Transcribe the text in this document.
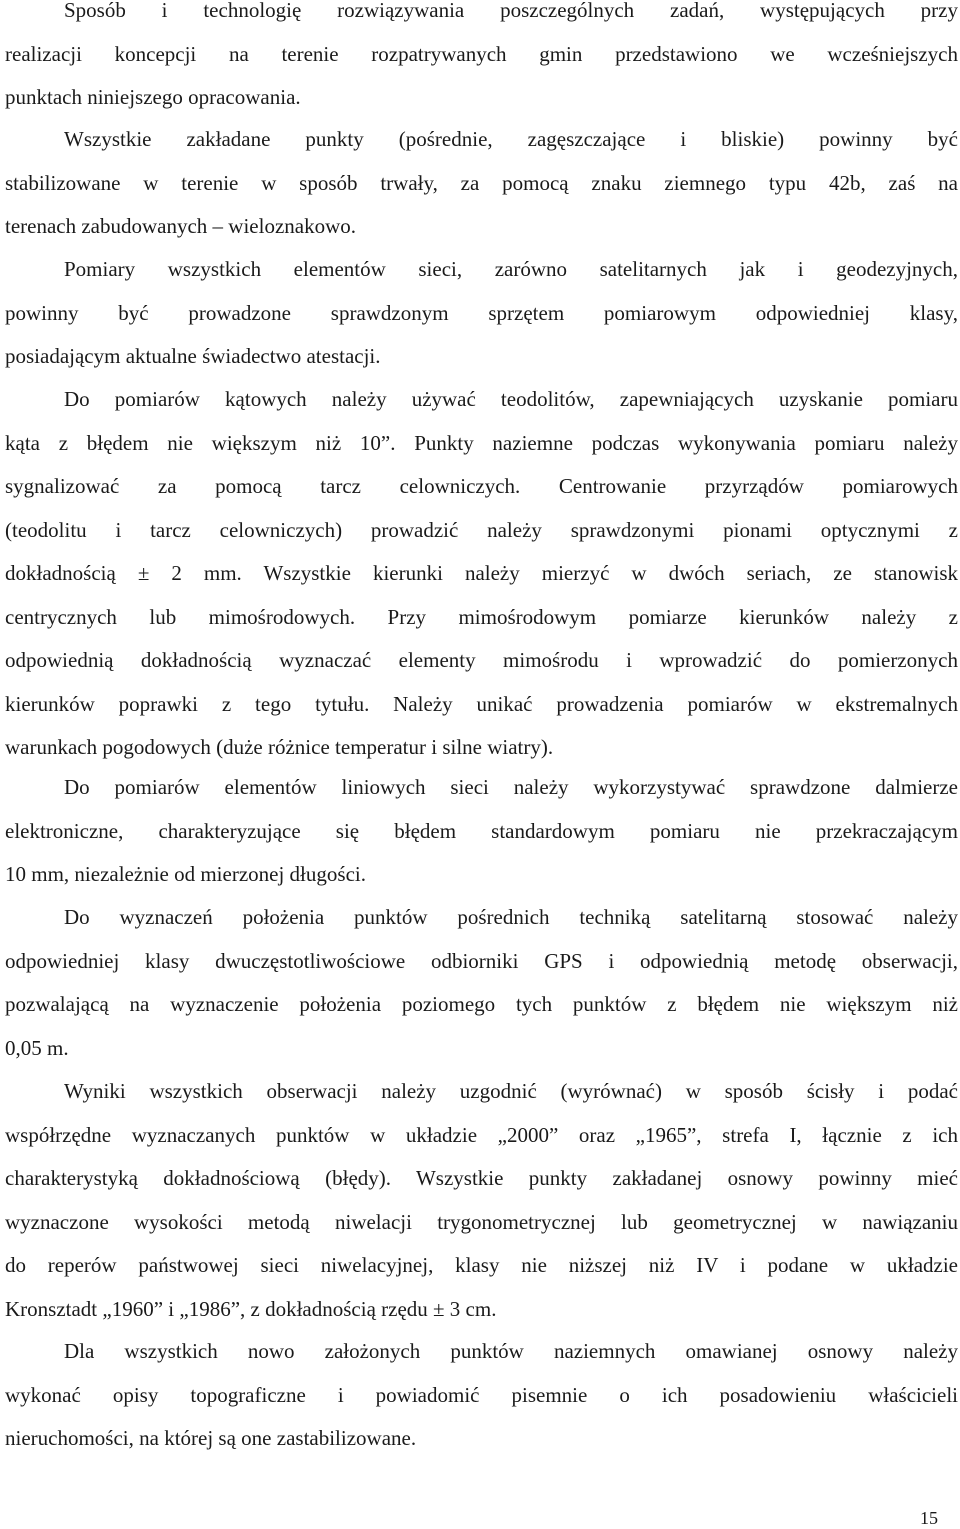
Sposób i technologię rozwiązywania poszczególnych zadań, występujących przy
realizacji koncepcji na terenie rozpatrywanych gmin przedstawiono we wcześniejszych
punktach niniejszego opracowania.
Wszystkie zakładane punkty (pośrednie, zagęszczające i bliskie) powinny być
stabilizowane w terenie w sposób trwały, za pomocą znaku ziemnego typu 42b, zaś na
terenach zabudowanych – wieloznakowo.
Pomiary wszystkich elementów sieci, zarówno satelitarnych jak i geodezyjnych,
powinny być prowadzone sprawdzonym sprzętem pomiarowym odpowiedniej klasy,
posiadającym aktualne świadectwo atestacji.
Do pomiarów kątowych należy używać teodolitów, zapewniających uzyskanie pomiaru
kąta z błędem nie większym niż 10”. Punkty naziemne podczas wykonywania pomiaru należy
sygnalizować za pomocą tarcz celowniczych. Centrowanie przyrządów pomiarowych
(teodolitu i tarcz celowniczych) prowadzić należy sprawdzonymi pionami optycznymi z
dokładnością ± 2 mm. Wszystkie kierunki należy mierzyć w dwóch seriach, ze stanowisk
centrycznych lub mimośrodowych. Przy mimośrodowym pomiarze kierunków należy z
odpowiednią dokładnością wyznaczać elementy mimośrodu i wprowadzić do pomierzonych
kierunków poprawki z tego tytułu. Należy unikać prowadzenia pomiarów w ekstremalnych
warunkach pogodowych (duże różnice temperatur i silne wiatry).
Do pomiarów elementów liniowych sieci należy wykorzystywać sprawdzone dalmierze
elektroniczne, charakteryzujące się błędem standardowym pomiaru nie przekraczającym
10 mm, niezależnie od mierzonej długości.
Do wyznaczeń położenia punktów pośrednich techniką satelitarną stosować należy
odpowiedniej klasy dwuczęstotliwościowe odbiorniki GPS i odpowiednią metodę obserwacji,
pozwalającą na wyznaczenie położenia poziomego tych punktów z błędem nie większym niż
0,05 m.
Wyniki wszystkich obserwacji należy uzgodnić (wyrównać) w sposób ścisły i podać
współrzędne wyznaczanych punktów w układzie „2000” oraz „1965”, strefa I, łącznie z ich
charakterystyką dokładnościową (błędy). Wszystkie punkty zakładanej osnowy powinny mieć
wyznaczone wysokości metodą niwelacji trygonometrycznej lub geometrycznej w nawiązaniu
do reperów państwowej sieci niwelacyjnej, klasy nie niższej niż IV i podane w układzie
Kronsztadt „1960” i „1986”, z dokładnością rzędu ± 3 cm.
Dla wszystkich nowo założonych punktów naziemnych omawianej osnowy należy
wykonać opisy topograficzne i powiadomić pisemnie o ich posadowieniu właścicieli
nieruchomości, na której są one zastabilizowane.
15
